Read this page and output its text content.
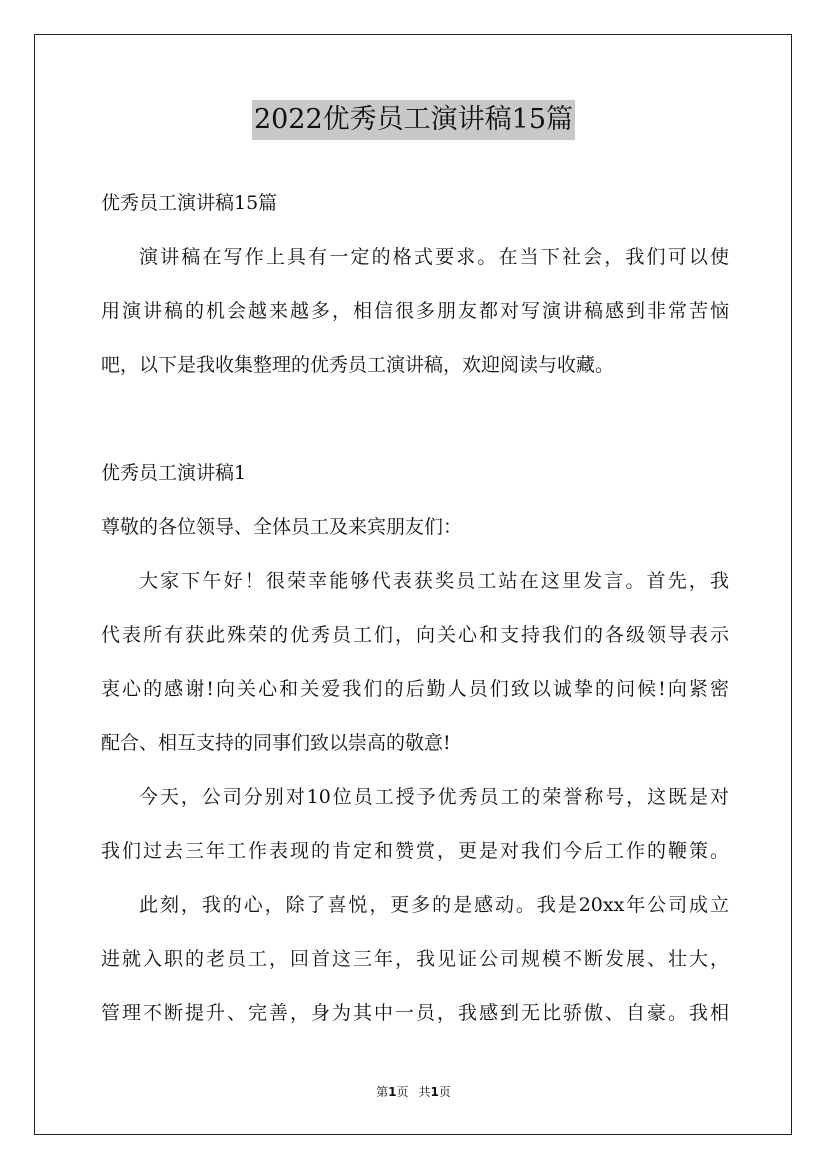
2022优秀员工演讲稿15篇
优秀员工演讲稿15篇
演讲稿在写作上具有一定的格式要求。在当下社会，我们可以使
用演讲稿的机会越来越多，相信很多朋友都对写演讲稿感到非常苦恼
吧，以下是我收集整理的优秀员工演讲稿，欢迎阅读与收藏。
优秀员工演讲稿1
尊敬的各位领导、全体员工及来宾朋友们：
大家下午好！很荣幸能够代表获奖员工站在这里发言。首先，我
代表所有获此殊荣的优秀员工们，向关心和支持我们的各级领导表示
衷心的感谢!向关心和关爱我们的后勤人员们致以诚挚的问候!向紧密
配合、相互支持的同事们致以崇高的敬意!
今天，公司分别对10位员工授予优秀员工的荣誉称号，这既是对
我们过去三年工作表现的肯定和赞赏，更是对我们今后工作的鞭策。
此刻，我的心，除了喜悦，更多的是感动。我是20xx年公司成立
进就入职的老员工，回首这三年，我见证公司规模不断发展、壮大，
管理不断提升、完善，身为其中一员，我感到无比骄傲、自豪。我相
第1页 共1页
